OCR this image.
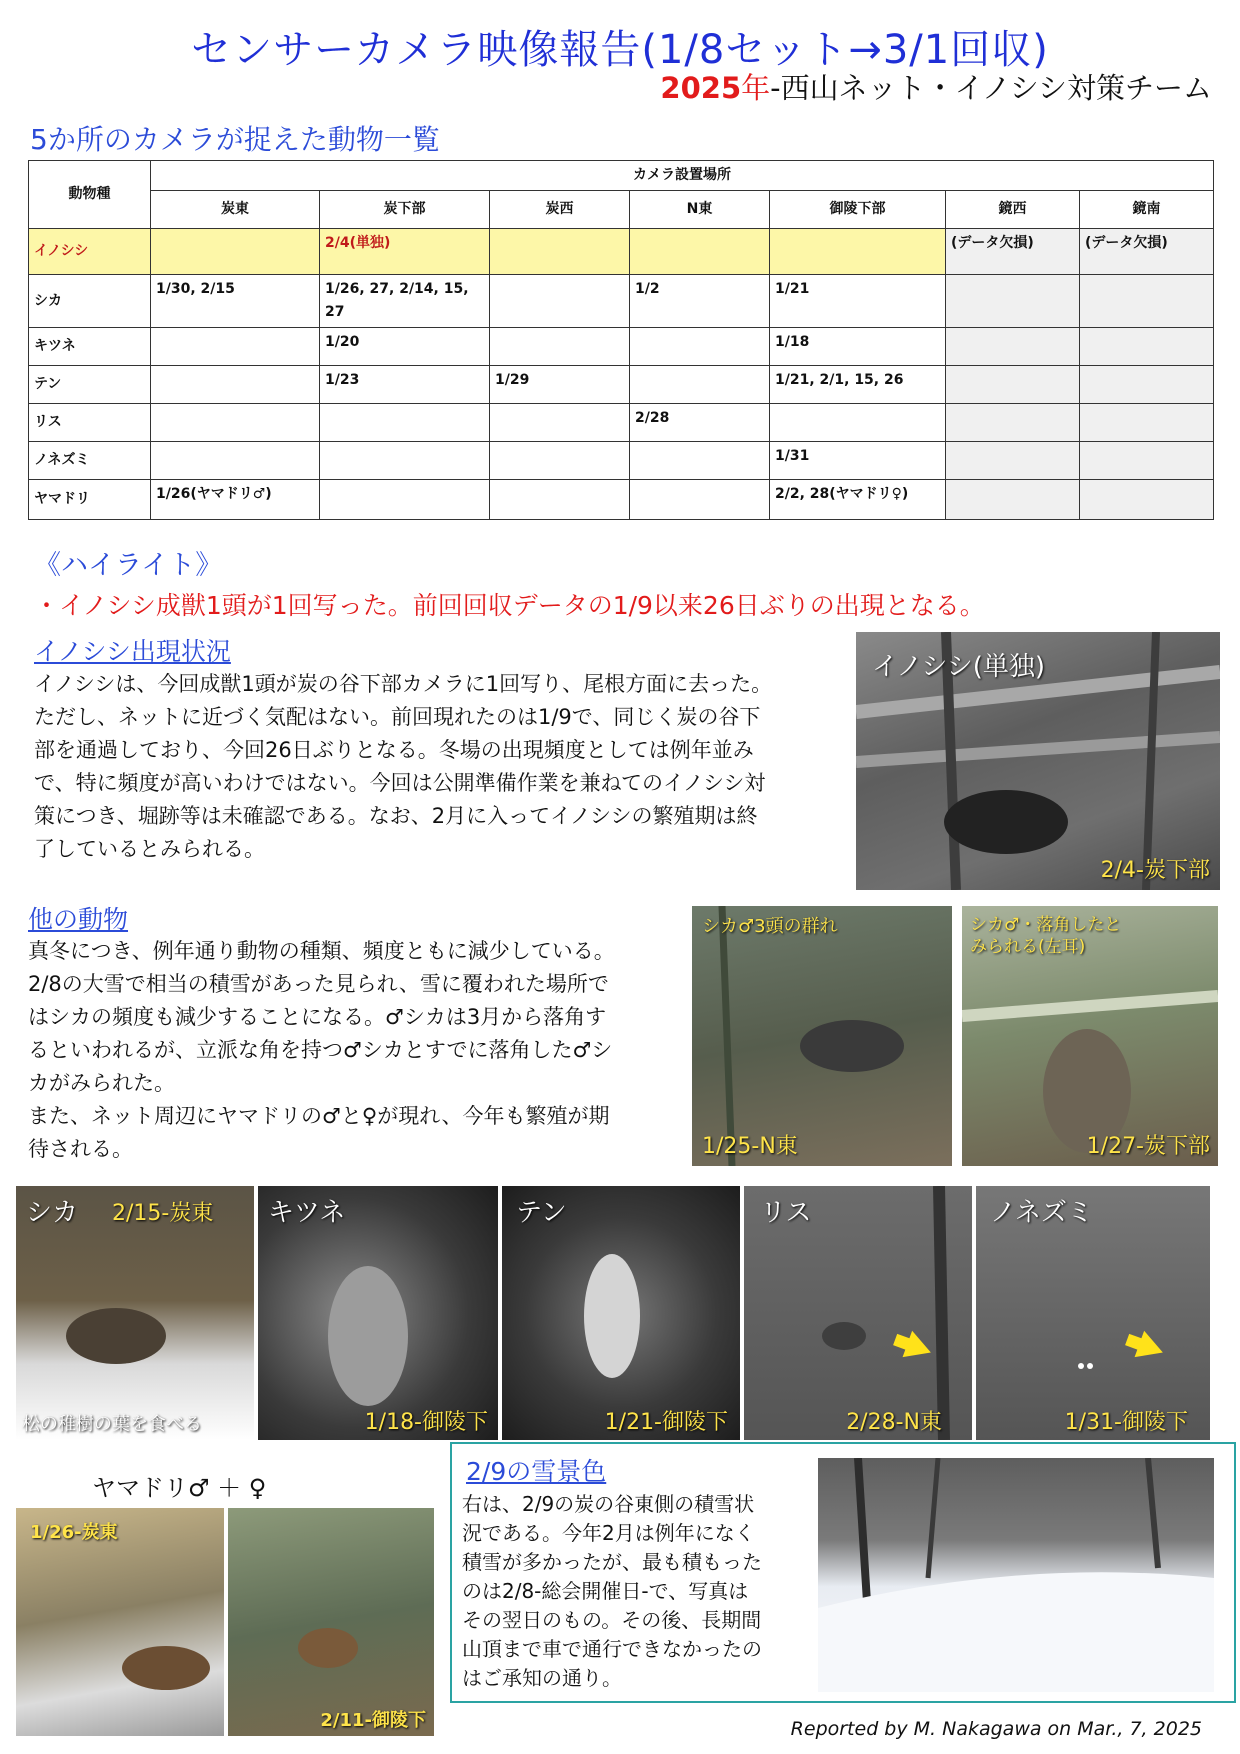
センサーカメラ映像報告(1/8セット→3/1回収)
2025年-西山ネット・イノシシ対策チーム
5か所のカメラが捉えた動物一覧
動物種	カメラ設置場所						
	炭東	炭下部	炭西	N東	御陵下部	鏡西	鏡南
イノシシ		2/4(単独)				(データ欠損)	(データ欠損)
シカ	1/30, 2/15	1/26, 27, 2/14, 15, 27		1/2	1/21		
キツネ		1/20			1/18		
テン		1/23	1/29		1/21, 2/1, 15, 26		
リス				2/28			
ノネズミ					1/31		
ヤマドリ	1/26(ヤマドリ♂)				2/2, 28(ヤマドリ♀)		
《ハイライト》
・イノシシ成獣1頭が1回写った。前回回収データの1/9以来26日ぶりの出現となる。
イノシシ出現状況
イノシシは、今回成獣1頭が炭の谷下部カメラに1回写り、尾根方面に去った。
ただし、ネットに近づく気配はない。前回現れたのは1/9で、同じく炭の谷下
部を通過しており、今回26日ぶりとなる。冬場の出現頻度としては例年並み
で、特に頻度が高いわけではない。今回は公開準備作業を兼ねてのイノシシ対
策につき、堀跡等は未確認である。なお、2月に入ってイノシシの繁殖期は終
了しているとみられる。
イノシシ(単独)
2/4-炭下部
他の動物
真冬につき、例年通り動物の種類、頻度ともに減少している。
2/8の大雪で相当の積雪があった見られ、雪に覆われた場所で
はシカの頻度も減少することになる。♂シカは3月から落角す
るといわれるが、立派な角を持つ♂シカとすでに落角した♂シ
カがみられた。
また、ネット周辺にヤマドリの♂と♀が現れ、今年も繁殖が期
待される。
シカ♂3頭の群れ
1/25-N東
シカ♂・落角したと
みられる(左耳)
1/27-炭下部
シカ 2/15-炭東
松の稚樹の葉を食べる
キツネ
1/18-御陵下
テン
1/21-御陵下
リス
2/28-N東
ノネズミ
1/31-御陵下
ヤマドリ♂ ＋ ♀
1/26-炭東
2/11-御陵下
2/9の雪景色
右は、2/9の炭の谷東側の積雪状
況である。今年2月は例年になく
積雪が多かったが、最も積もった
のは2/8-総会開催日-で、写真は
その翌日のもの。その後、長期間
山頂まで車で通行できなかったの
はご承知の通り。
Reported by M. Nakagawa on Mar., 7, 2025
